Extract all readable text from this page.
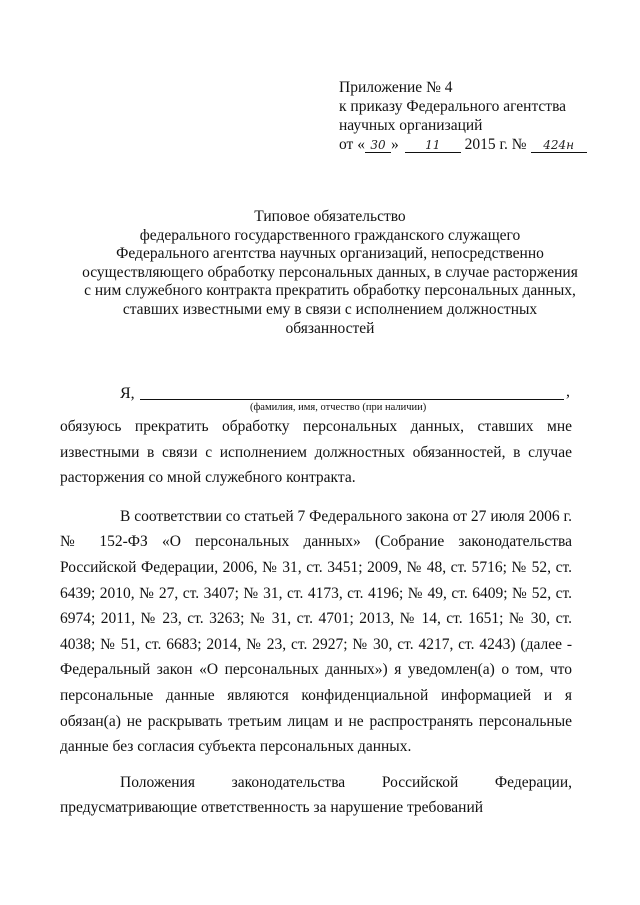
Приложение № 4
к приказу Федерального агентства
научных организаций
от « 30 » 11 2015 г. № 424н
Типовое обязательство
федерального государственного гражданского служащего
Федерального агентства научных организаций, непосредственно
осуществляющего обработку персональных данных, в случае расторжения
с ним служебного контракта прекратить обработку персональных данных,
ставших известными ему в связи с исполнением должностных
обязанностей
Я,	,
(фамилия, имя, отчество (при наличии)

обязуюсь прекратить обработку персональных данных, ставших мне известными в связи с исполнением должностных обязанностей, в случае расторжения со мной служебного контракта.

В соответствии со статьей 7 Федерального закона от 27 июля 2006 г. № 152-ФЗ «О персональных данных» (Собрание законодательства Российской Федерации, 2006, № 31, ст. 3451; 2009, № 48, ст. 5716; № 52, ст. 6439; 2010, № 27, ст. 3407; № 31, ст. 4173, ст. 4196; № 49, ст. 6409; № 52, ст. 6974; 2011, № 23, ст. 3263; № 31, ст. 4701; 2013, № 14, ст. 1651; № 30, ст. 4038; № 51, ст. 6683; 2014, № 23, ст. 2927; № 30, ст. 4217, ст. 4243) (далее - Федеральный закон «О персональных данных») я уведомлен(а) о том, что персональные данные являются конфиденциальной информацией и я обязан(а) не раскрывать третьим лицам и не распространять персональные данные без согласия субъекта персональных данных.

Положения законодательства Российской Федерации, предусматривающие ответственность за нарушение требований
